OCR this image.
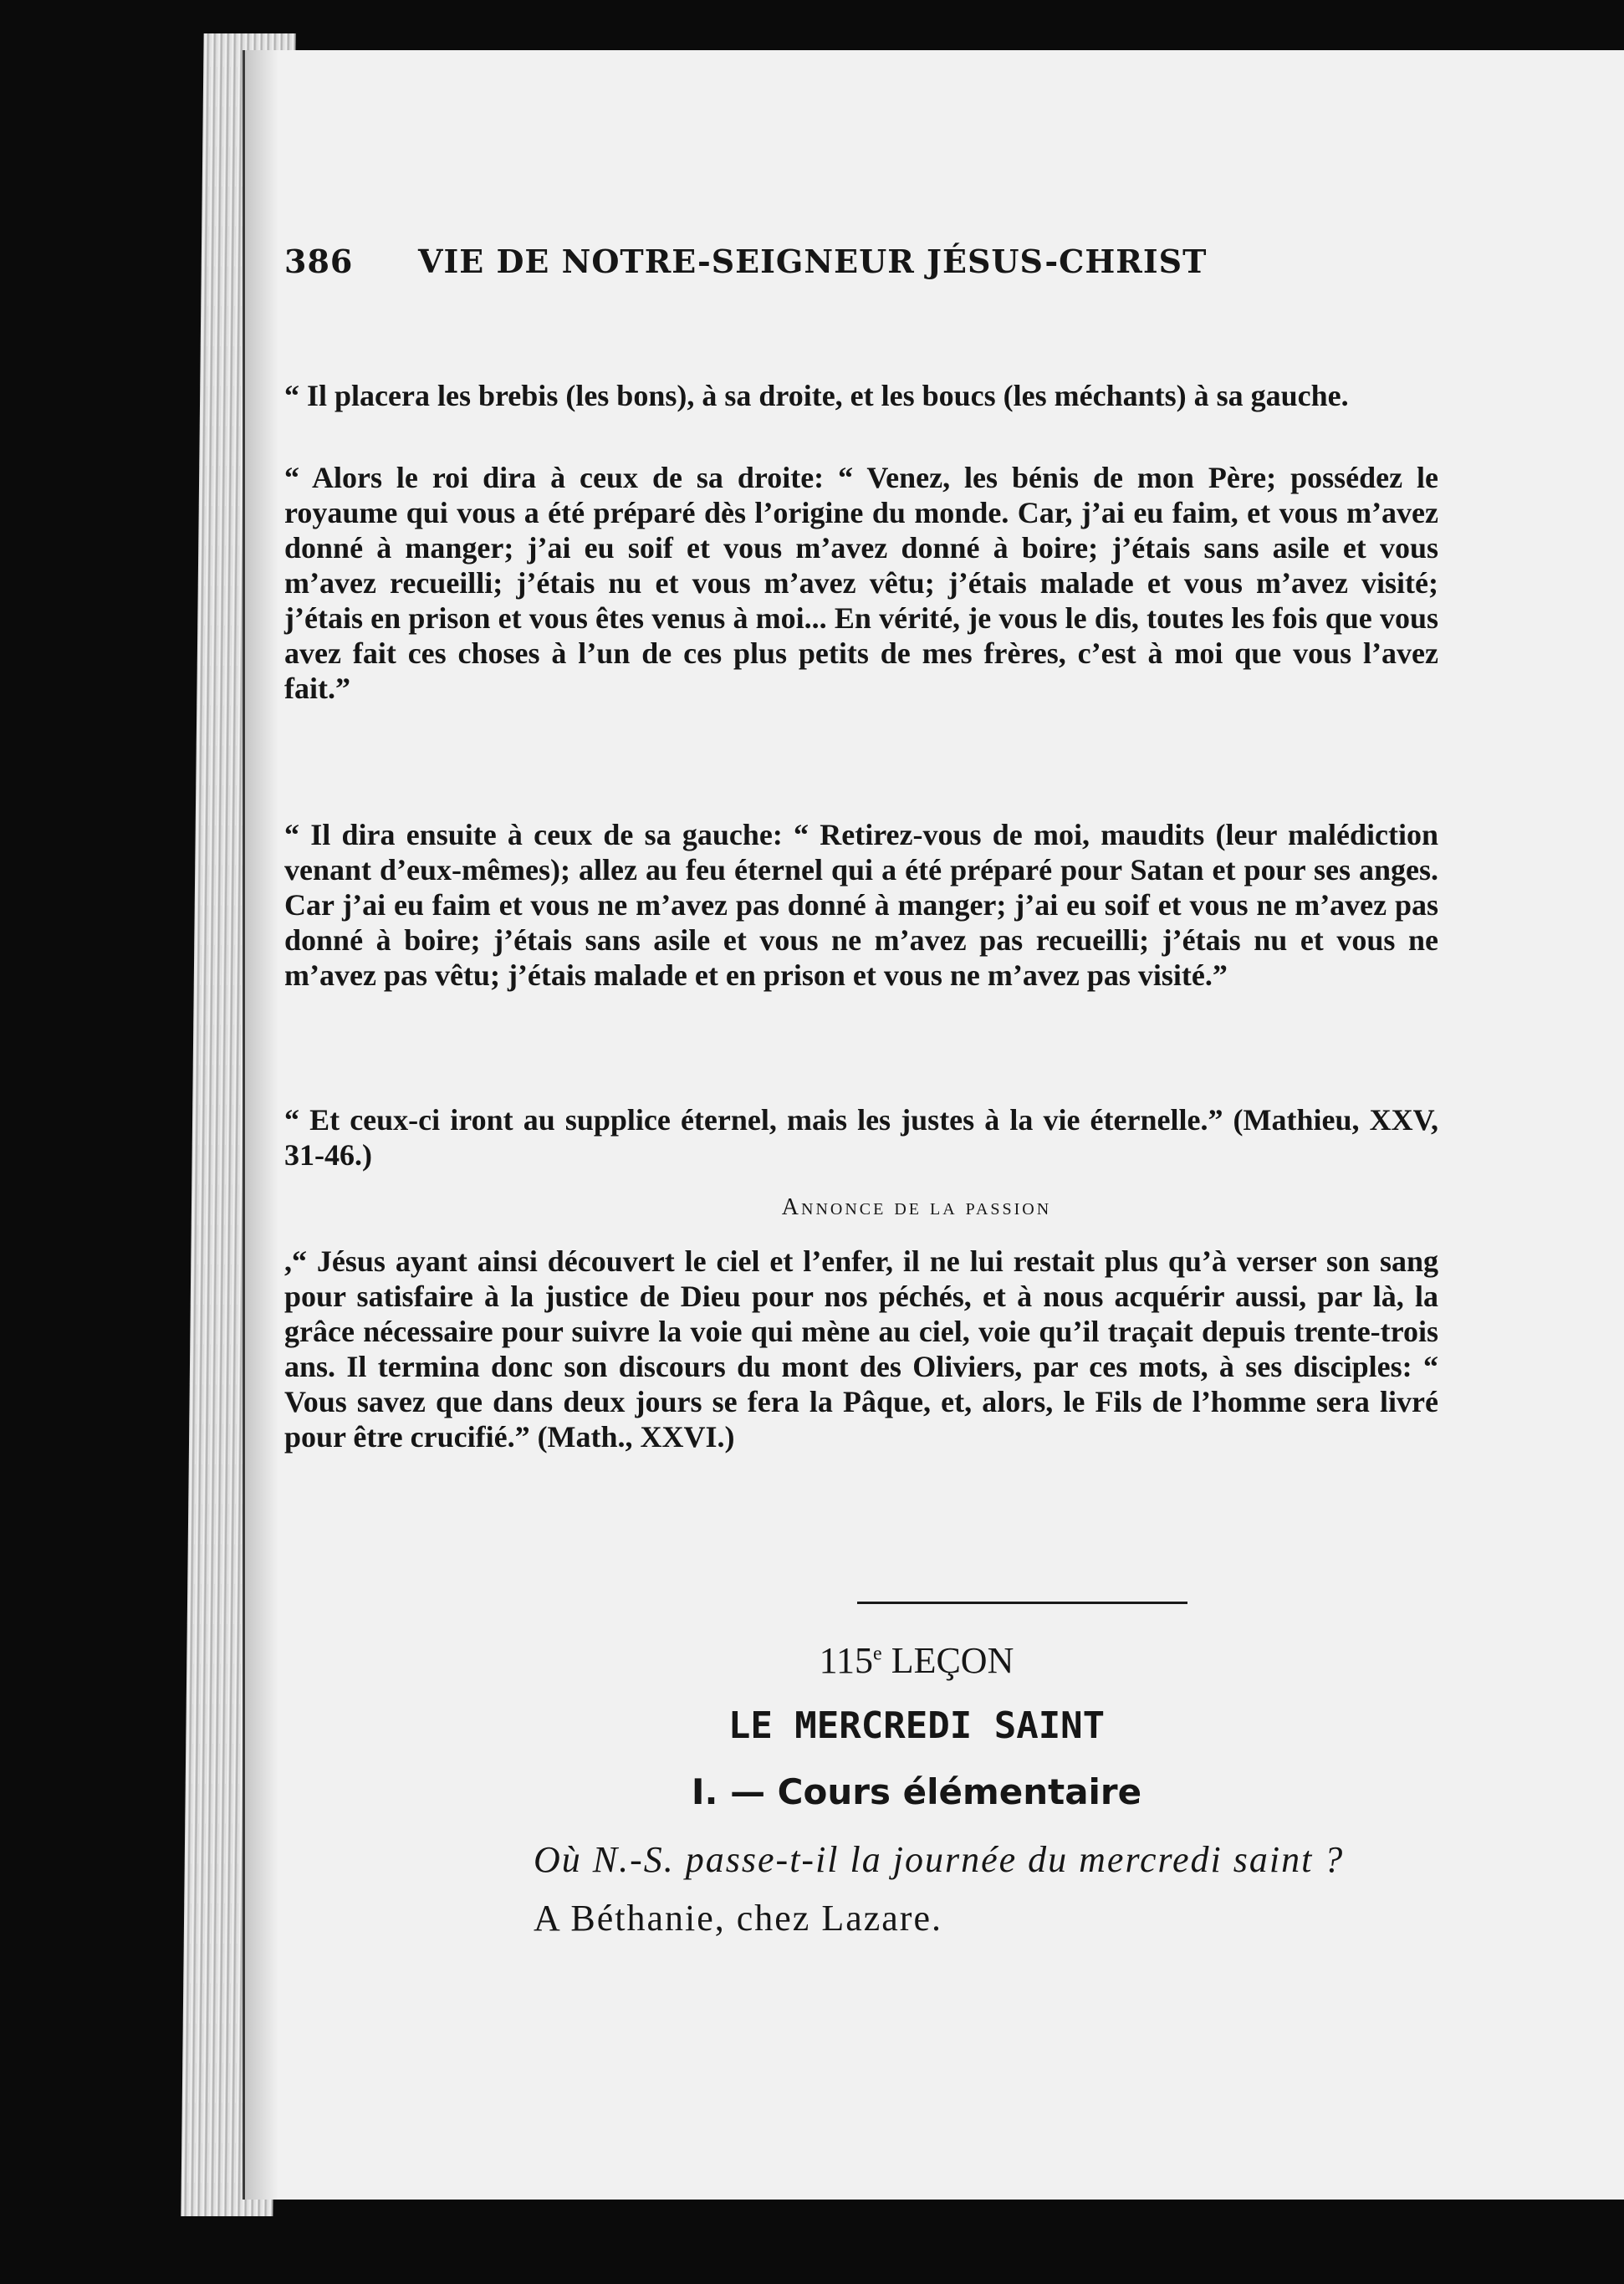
386 VIE DE NOTRE-SEIGNEUR JÉSUS-CHRIST
“ Il placera les brebis (les bons), à sa droite, et les boucs (les méchants) à sa gauche.
“ Alors le roi dira à ceux de sa droite: “ Venez, les bénis de mon Père; possédez le royaume qui vous a été préparé dès l’origine du monde. Car, j’ai eu faim, et vous m’avez donné à manger; j’ai eu soif et vous m’avez donné à boire; j’étais sans asile et vous m’avez recueilli; j’étais nu et vous m’avez vêtu; j’étais malade et vous m’avez visité; j’étais en prison et vous êtes venus à moi... En vérité, je vous le dis, toutes les fois que vous avez fait ces choses à l’un de ces plus petits de mes frères, c’est à moi que vous l’avez fait.”
“ Il dira ensuite à ceux de sa gauche: “ Retirez-vous de moi, maudits (leur malédiction venant d’eux-mêmes); allez au feu éternel qui a été préparé pour Satan et pour ses anges. Car j’ai eu faim et vous ne m’avez pas donné à manger; j’ai eu soif et vous ne m’avez pas donné à boire; j’étais sans asile et vous ne m’avez pas recueilli; j’étais nu et vous ne m’avez pas vêtu; j’étais malade et en prison et vous ne m’avez pas visité.”
“ Et ceux-ci iront au supplice éternel, mais les justes à la vie éternelle.” (Mathieu, XXV, 31-46.)
Annonce de la passion
,“ Jésus ayant ainsi découvert le ciel et l’enfer, il ne lui restait plus qu’à verser son sang pour satisfaire à la justice de Dieu pour nos péchés, et à nous acquérir aussi, par là, la grâce nécessaire pour suivre la voie qui mène au ciel, voie qu’il traçait depuis trente-trois ans. Il termina donc son discours du mont des Oliviers, par ces mots, à ses disciples: “ Vous savez que dans deux jours se fera la Pâque, et, alors, le Fils de l’homme sera livré pour être crucifié.” (Math., XXVI.)
115e LEÇON
LE MERCREDI SAINT
I. — Cours élémentaire
Où N.-S. passe-t-il la journée du mercredi saint ?
A Béthanie, chez Lazare.
